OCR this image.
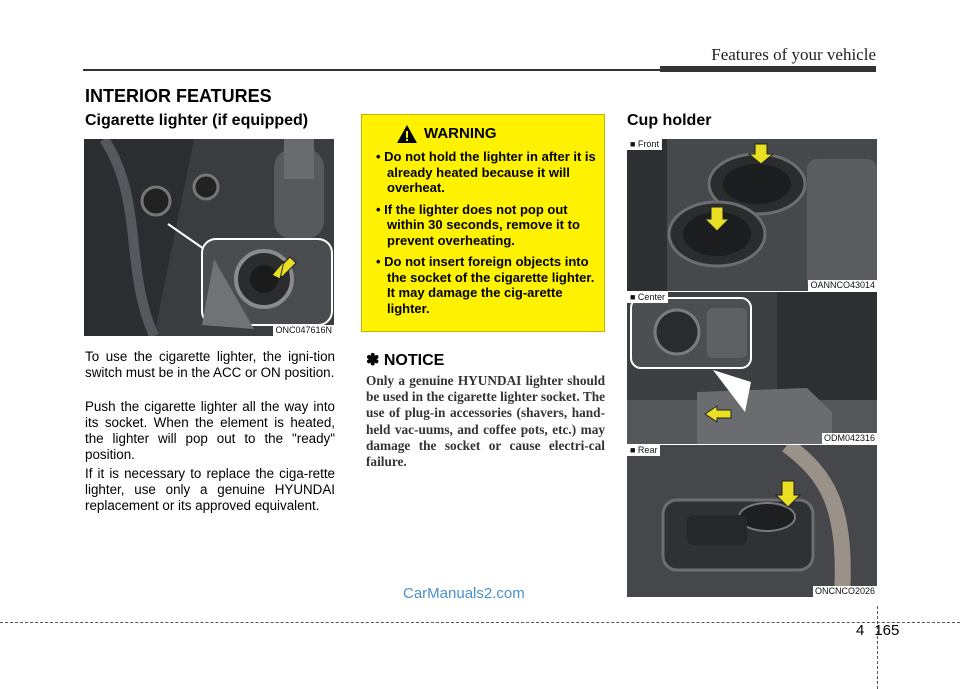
Features of your vehicle
INTERIOR FEATURES
Cigarette lighter (if equipped)
ONC047616N
To use the cigarette lighter, the igni-tion switch must be in the ACC or ON position.
Push the cigarette lighter all the way into its socket. When the element is heated, the lighter will pop out to the "ready" position.
If it is necessary to replace the ciga-rette lighter, use only a genuine HYUNDAI replacement or its approved equivalent.
WARNING
• Do not hold the lighter in after it is already heated because it will overheat.
• If the lighter does not pop out within 30 seconds, remove it to prevent overheating.
• Do not insert foreign objects into the socket of the cigarette lighter. It may damage the cig-arette lighter.
✽ NOTICE
Only a genuine HYUNDAI lighter should be used in the cigarette lighter socket. The use of plug-in accessories (shavers, hand-held vac-uums, and coffee pots, etc.) may damage the socket or cause electri-cal failure.
Cup holder
■ Front
OANNCO43014
■ Center
ODM042316
■ Rear
ONCNCO2026
CarManuals2.com
4 165
